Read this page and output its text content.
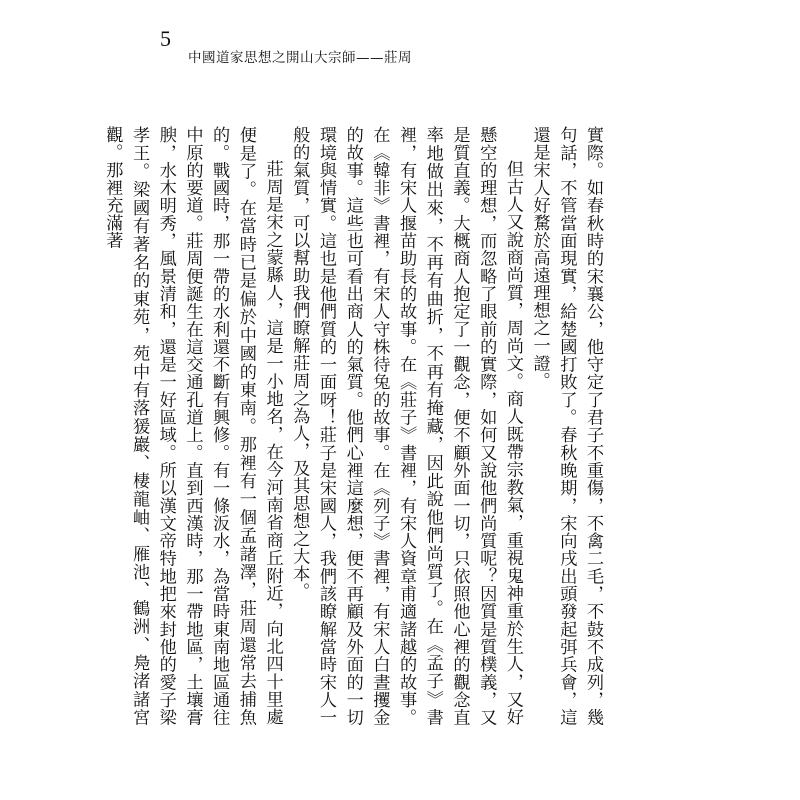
5
中國道家思想之開山大宗師——莊周

實際。如春秋時的宋襄公，他守定了君子不重傷，不禽二毛，不鼓不成列，幾句話，不管當面現實，給楚國打敗了。春秋晚期，宋向戌出頭發起弭兵會，這還是宋人好騖於高遠理想之一證。

但古人又說商尚質，周尚文。商人既帶宗教氣，重視鬼神重於生人，又好懸空的理想，而忽略了眼前的實際，如何又說他們尚質呢？因質是質樸義，又是質直義。大概商人抱定了一觀念，便不顧外面一切，只依照他心裡的觀念直率地做出來，不再有曲折，不再有掩藏，因此說他們尚質了。在《孟子》書裡，有宋人揠苗助長的故事。在《莊子》書裡，有宋人資章甫適諸越的故事。在《韓非》書裡，有宋人守株待兔的故事。在《列子》書裡，有宋人白晝攫金的故事。這些也可看出商人的氣質。他們心裡這麼想，便不再顧及外面的一切環境與情實。這也是他們質的一面呀！莊子是宋國人，我們該瞭解當時宋人一般的氣質，可以幫助我們瞭解莊周之為人，及其思想之大本。

莊周是宋之蒙縣人，這是一小地名，在今河南省商丘附近，向北四十里處便是了。在當時已是偏於中國的東南。那裡有一個孟諸澤，莊周還常去捕魚的。戰國時，那一帶的水利還不斷有興修。有一條汳水，為當時東南地區通往中原的要道。莊周便誕生在這交通孔道上。直到西漢時，那一帶地區，土壤膏腴，水木明秀，風景清和，還是一好區域。所以漢文帝特地把來封他的愛子梁孝王。梁國有著名的東苑，苑中有落猨巖、棲龍岫、雁池、鶴洲、鳧渚諸宮觀。那裡充滿著
